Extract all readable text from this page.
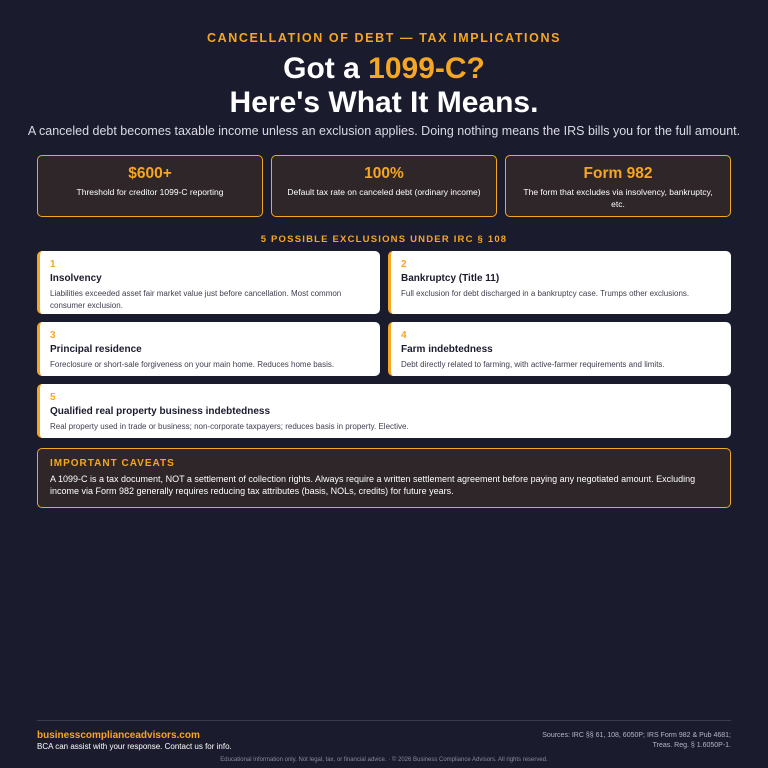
CANCELLATION OF DEBT — TAX IMPLICATIONS
Got a 1099-C?
Here's What It Means.
A canceled debt becomes taxable income unless an exclusion applies. Doing nothing means the IRS bills you for the full amount.
$600+
Threshold for creditor 1099-C reporting
100%
Default tax rate on canceled debt (ordinary income)
Form 982
The form that excludes via insolvency, bankruptcy, etc.
5 POSSIBLE EXCLUSIONS UNDER IRC § 108
1
Insolvency
Liabilities exceeded asset fair market value just before cancellation. Most common consumer exclusion.
2
Bankruptcy (Title 11)
Full exclusion for debt discharged in a bankruptcy case. Trumps other exclusions.
3
Principal residence
Foreclosure or short-sale forgiveness on your main home. Reduces home basis.
4
Farm indebtedness
Debt directly related to farming, with active-farmer requirements and limits.
5
Qualified real property business indebtedness
Real property used in trade or business; non-corporate taxpayers; reduces basis in property. Elective.
IMPORTANT CAVEATS
A 1099-C is a tax document, NOT a settlement of collection rights. Always require a written settlement agreement before paying any negotiated amount. Excluding income via Form 982 generally requires reducing tax attributes (basis, NOLs, credits) for future years.
businesscomplianceadvisors.com
BCA can assist with your response. Contact us for info.
Sources: IRC §§ 61, 108, 6050P; IRS Form 982 & Pub 4681; Treas. Reg. § 1.6050P-1.
Educational information only. Not legal, tax, or financial advice. · © 2026 Business Compliance Advisors. All rights reserved.
